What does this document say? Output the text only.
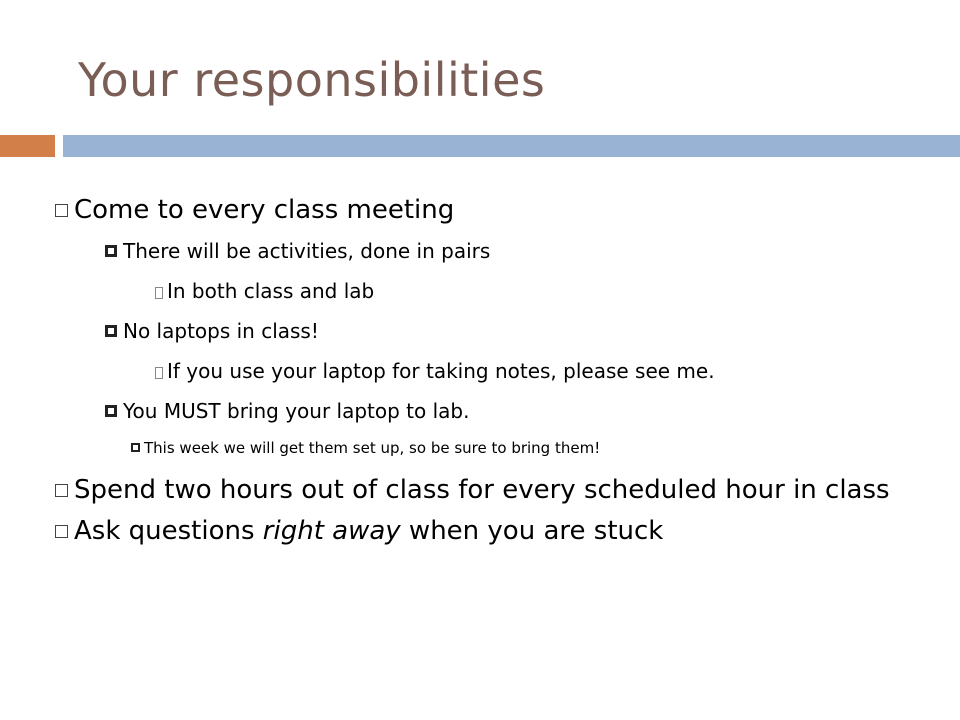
Your responsibilities
Come to every class meeting
There will be activities, done in pairs
In both class and lab
No laptops in class!
If you use your laptop for taking notes, please see me.
You MUST bring your laptop to lab.
This week we will get them set up, so be sure to bring them!
Spend two hours out of class for every scheduled hour in class
Ask questions right away when you are stuck
